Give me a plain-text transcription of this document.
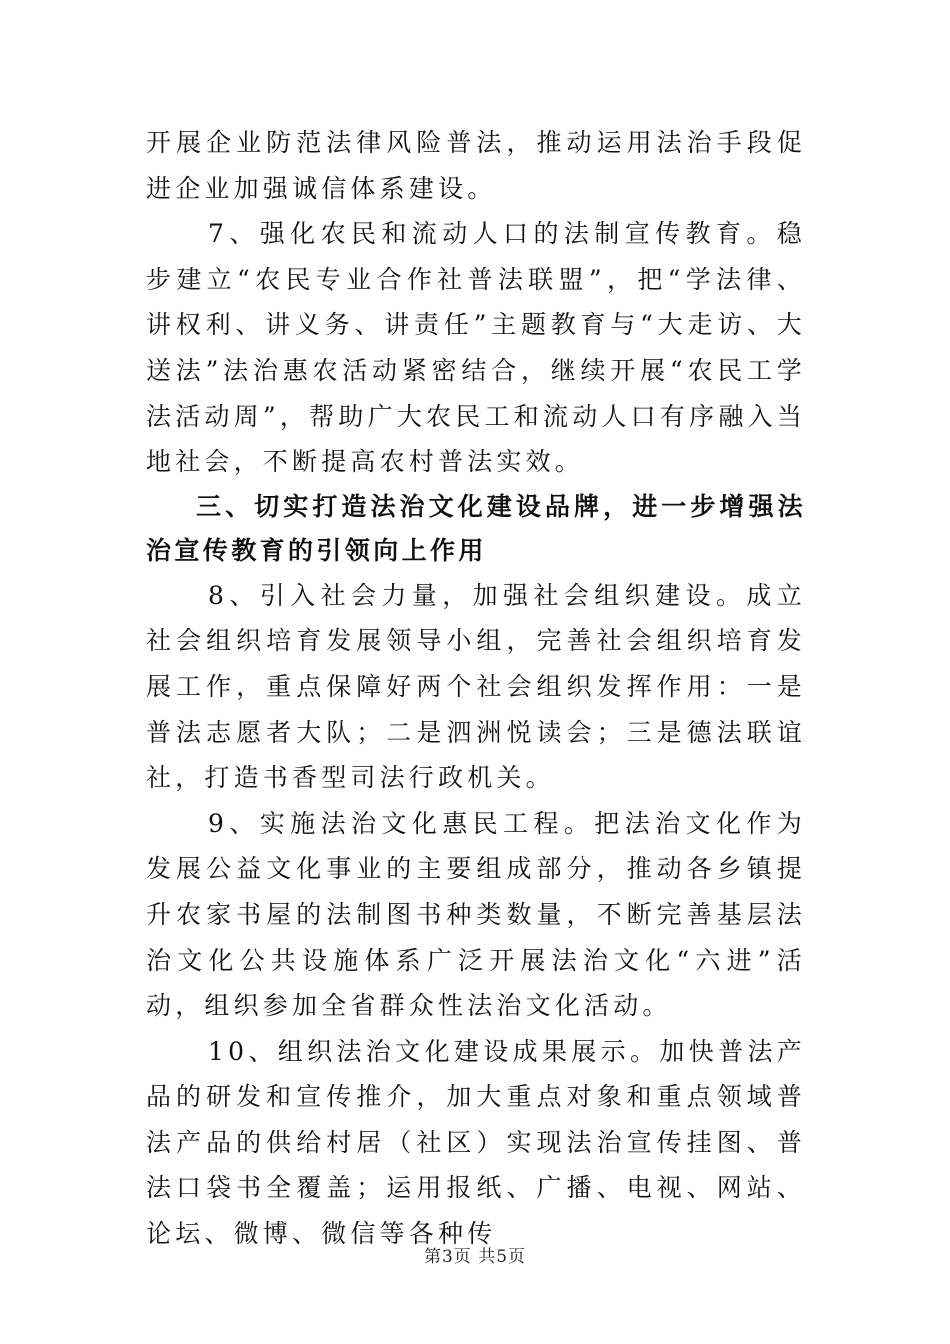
开展企业防范法律风险普法，推动运用法治手段促进企业加强诚信体系建设。

7、强化农民和流动人口的法制宣传教育。稳步建立“农民专业合作社普法联盟”，把“学法律、讲权利、讲义务、讲责任”主题教育与“大走访、大送法”法治惠农活动紧密结合，继续开展“农民工学法活动周”，帮助广大农民工和流动人口有序融入当地社会，不断提高农村普法实效。

三、切实打造法治文化建设品牌，进一步增强法治宣传教育的引领向上作用

8、引入社会力量，加强社会组织建设。成立社会组织培育发展领导小组，完善社会组织培育发展工作，重点保障好两个社会组织发挥作用：一是普法志愿者大队；二是泗洲悦读会；三是德法联谊社，打造书香型司法行政机关。

9、实施法治文化惠民工程。把法治文化作为发展公益文化事业的主要组成部分，推动各乡镇提升农家书屋的法制图书种类数量，不断完善基层法治文化公共设施体系广泛开展法治文化“六进”活动，组织参加全省群众性法治文化活动。

10、组织法治文化建设成果展示。加快普法产品的研发和宣传推介，加大重点对象和重点领域普法产品的供给村居（社区）实现法治宣传挂图、普法口袋书全覆盖；运用报纸、广播、电视、网站、论坛、微博、微信等各种传

第3页 共5页
